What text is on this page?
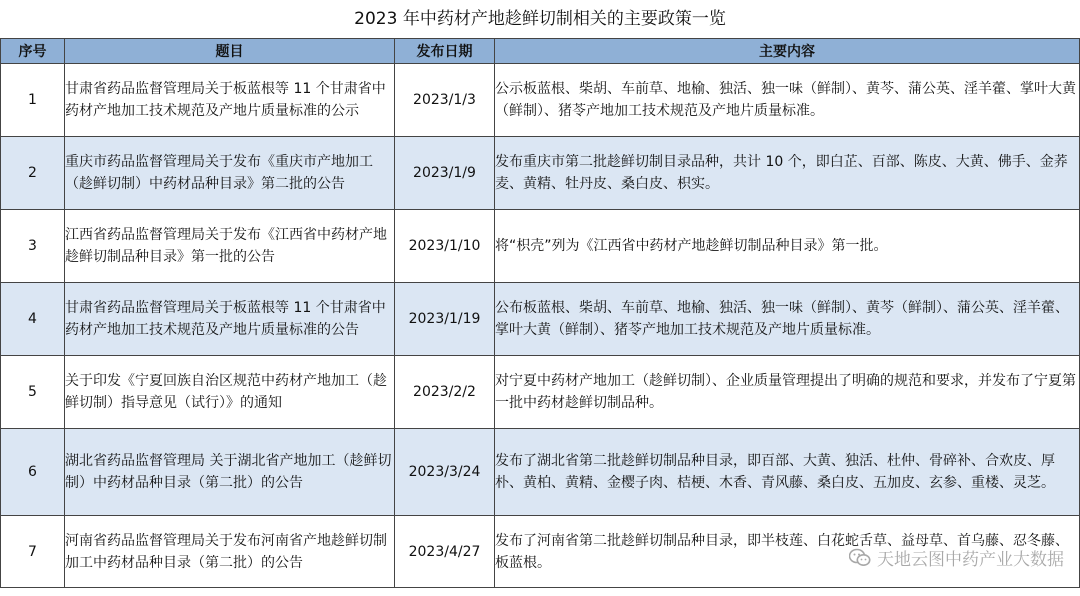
2023 年中药材产地趁鲜切制相关的主要政策一览
序号	题目	发布日期	主要内容
1	甘肃省药品监督管理局关于板蓝根等 11 个甘肃省中药材产地加工技术规范及产地片质量标准的公示	2023/1/3	公示板蓝根、柴胡、车前草、地榆、独活、独一味（鲜制）、黄芩、蒲公英、淫羊藿、掌叶大黄（鲜制）、猪苓产地加工技术规范及产地片质量标准。

2	重庆市药品监督管理局关于发布《重庆市产地加工（趁鲜切制）中药材品种目录》第二批的公告	2023/1/9	发布重庆市第二批趁鲜切制目录品种，共计 10 个，即白芷、百部、陈皮、大黄、佛手、金荞麦、黄精、牡丹皮、桑白皮、枳实。

3	江西省药品监督管理局关于发布《江西省中药材产地趁鲜切制品种目录》第一批的公告	2023/1/10	将“枳壳”列为《江西省中药材产地趁鲜切制品种目录》第一批。

4	甘肃省药品监督管理局关于板蓝根等 11 个甘肃省中药材产地加工技术规范及产地片质量标准的公告	2023/1/19	公布板蓝根、柴胡、车前草、地榆、独活、独一味（鲜制）、黄芩（鲜制）、蒲公英、淫羊藿、掌叶大黄（鲜制）、猪苓产地加工技术规范及产地片质量标准。

5	关于印发《宁夏回族自治区规范中药材产地加工（趁鲜切制）指导意见（试行）》的通知	2023/2/2	对宁夏中药材产地加工（趁鲜切制）、企业质量管理提出了明确的规范和要求，并发布了宁夏第一批中药材趁鲜切制品种。

6	湖北省药品监督管理局 关于湖北省产地加工（趁鲜切制）中药材品种目录（第二批）的公告	2023/3/24	发布了湖北省第二批趁鲜切制品种目录，即百部、大黄、独活、杜仲、骨碎补、合欢皮、厚朴、黄柏、黄精、金樱子肉、桔梗、木香、青风藤、桑白皮、五加皮、玄参、重楼、灵芝。

7	河南省药品监督管理局关于发布河南省产地趁鲜切制加工中药材品种目录（第二批）的公告	2023/4/27	发布了河南省第二批趁鲜切制品种目录，即半枝莲、白花蛇舌草、益母草、首乌藤、忍冬藤、板蓝根。	天地云图中药产业大数据
